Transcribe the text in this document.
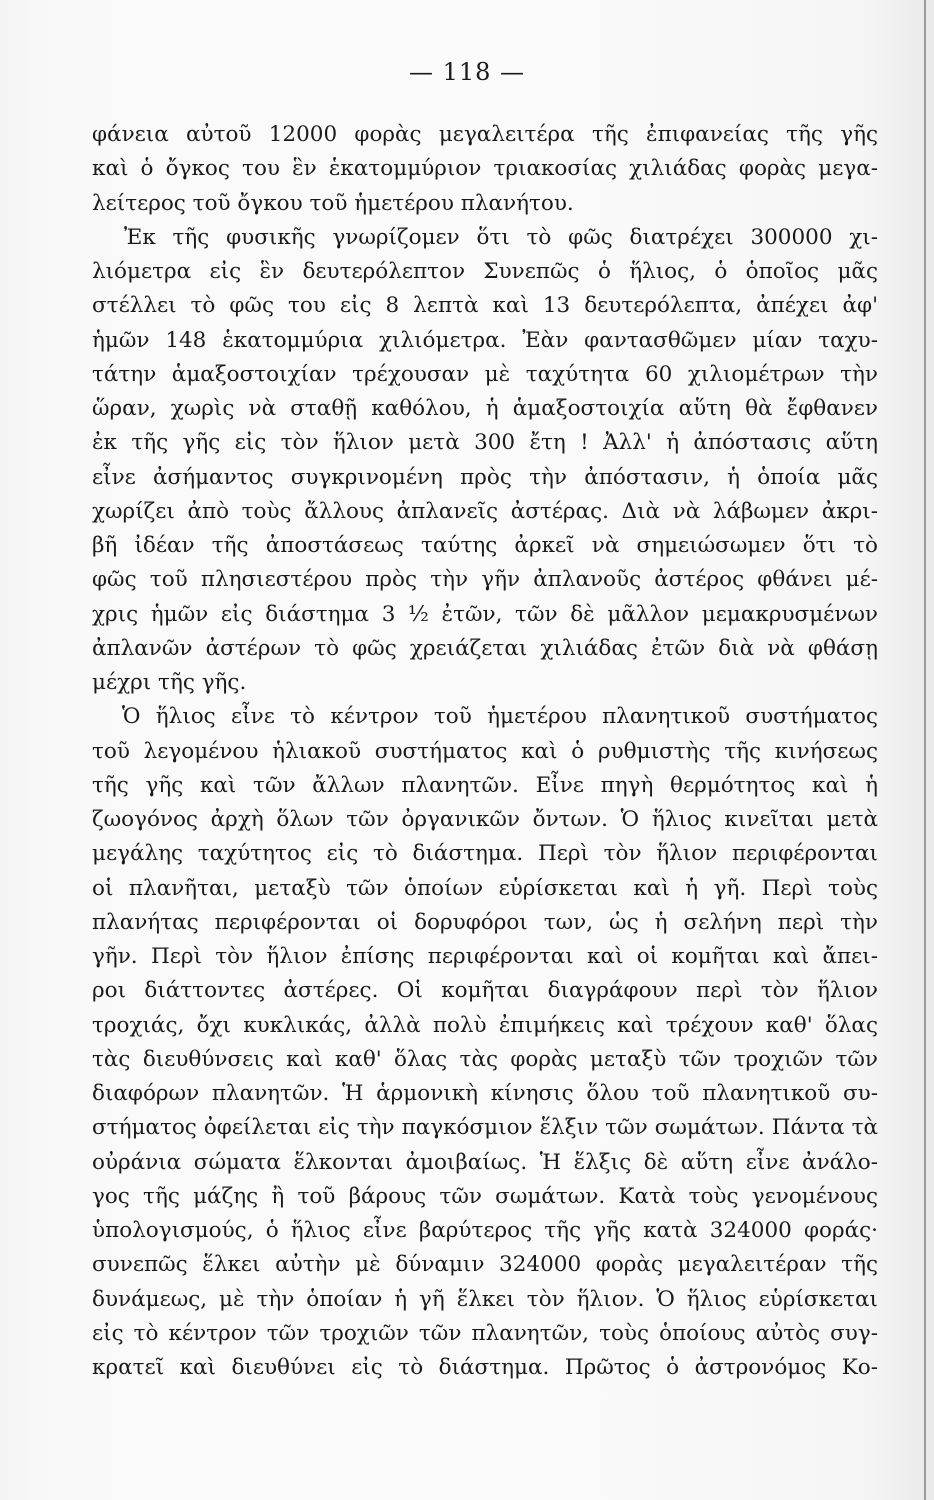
— 118 —
φάνεια αὐτοῦ 12000 φορὰς μεγαλειτέρα τῆς ἐπιφανείας τῆς γῆς
καὶ ὁ ὄγκος του ἓν ἑκατομμύριον τριακοσίας χιλιάδας φορὰς μεγα-
λείτερος τοῦ ὄγκου τοῦ ἡμετέρου πλανήτου.
Ἐκ τῆς φυσικῆς γνωρίζομεν ὅτι τὸ φῶς διατρέχει 300000 χι-
λιόμετρα εἰς ἓν δευτερόλεπτον Συνεπῶς ὁ ἥλιος, ὁ ὁποῖος μᾶς
στέλλει τὸ φῶς του εἰς 8 λεπτὰ καὶ 13 δευτερόλεπτα, ἀπέχει ἀφ'
ἡμῶν 148 ἑκατομμύρια χιλιόμετρα. Ἐὰν φαντασθῶμεν μίαν ταχυ-
τάτην ἁμαξοστοιχίαν τρέχουσαν μὲ ταχύτητα 60 χιλιομέτρων τὴν
ὥραν, χωρὶς νὰ σταθῇ καθόλου, ἡ ἁμαξοστοιχία αὕτη θὰ ἔφθανεν
ἐκ τῆς γῆς εἰς τὸν ἥλιον μετὰ 300 ἔτη ! Ἀλλ' ἡ ἀπόστασις αὕτη
εἶνε ἀσήμαντος συγκρινομένη πρὸς τὴν ἀπόστασιν, ἡ ὁποία μᾶς
χωρίζει ἀπὸ τοὺς ἄλλους ἀπλανεῖς ἀστέρας. Διὰ νὰ λάβωμεν ἀκρι-
βῆ ἰδέαν τῆς ἀποστάσεως ταύτης ἀρκεῖ νὰ σημειώσωμεν ὅτι τὸ
φῶς τοῦ πλησιεστέρου πρὸς τὴν γῆν ἀπλανοῦς ἀστέρος φθάνει μέ-
χρις ἡμῶν εἰς διάστημα 3 ½ ἐτῶν, τῶν δὲ μᾶλλον μεμακρυσμένων
ἀπλανῶν ἀστέρων τὸ φῶς χρειάζεται χιλιάδας ἐτῶν διὰ νὰ φθάσῃ
μέχρι τῆς γῆς.
Ὁ ἥλιος εἶνε τὸ κέντρον τοῦ ἡμετέρου πλανητικοῦ συστήματος
τοῦ λεγομένου ἡλιακοῦ συστήματος καὶ ὁ ρυθμιστὴς τῆς κινήσεως
τῆς γῆς καὶ τῶν ἄλλων πλανητῶν. Εἶνε πηγὴ θερμότητος καὶ ἡ
ζωογόνος ἀρχὴ ὅλων τῶν ὀργανικῶν ὄντων. Ὁ ἥλιος κινεῖται μετὰ
μεγάλης ταχύτητος εἰς τὸ διάστημα. Περὶ τὸν ἥλιον περιφέρονται
οἱ πλανῆται, μεταξὺ τῶν ὁποίων εὑρίσκεται καὶ ἡ γῆ. Περὶ τοὺς
πλανήτας περιφέρονται οἱ δορυφόροι των, ὡς ἡ σελήνη περὶ τὴν
γῆν. Περὶ τὸν ἥλιον ἐπίσης περιφέρονται καὶ οἱ κομῆται καὶ ἄπει-
ροι διάττοντες ἀστέρες. Οἱ κομῆται διαγράφουν περὶ τὸν ἥλιον
τροχιάς, ὄχι κυκλικάς, ἀλλὰ πολὺ ἐπιμήκεις καὶ τρέχουν καθ' ὅλας
τὰς διευθύνσεις καὶ καθ' ὅλας τὰς φορὰς μεταξὺ τῶν τροχιῶν τῶν
διαφόρων πλανητῶν. Ἡ ἁρμονικὴ κίνησις ὅλου τοῦ πλανητικοῦ συ-
στήματος ὀφείλεται εἰς τὴν παγκόσμιον ἕλξιν τῶν σωμάτων. Πάντα τὰ
οὐράνια σώματα ἕλκονται ἀμοιβαίως. Ἡ ἕλξις δὲ αὕτη εἶνε ἀνάλο-
γος τῆς μάζης ἢ τοῦ βάρους τῶν σωμάτων. Κατὰ τοὺς γενομένους
ὑπολογισμούς, ὁ ἥλιος εἶνε βαρύτερος τῆς γῆς κατὰ 324000 φοράς·
συνεπῶς ἕλκει αὐτὴν μὲ δύναμιν 324000 φορὰς μεγαλειτέραν τῆς
δυνάμεως, μὲ τὴν ὁποίαν ἡ γῆ ἕλκει τὸν ἥλιον. Ὁ ἥλιος εὑρίσκεται
εἰς τὸ κέντρον τῶν τροχιῶν τῶν πλανητῶν, τοὺς ὁποίους αὐτὸς συγ-
κρατεῖ καὶ διευθύνει εἰς τὸ διάστημα. Πρῶτος ὁ ἀστρονόμος Κο-
